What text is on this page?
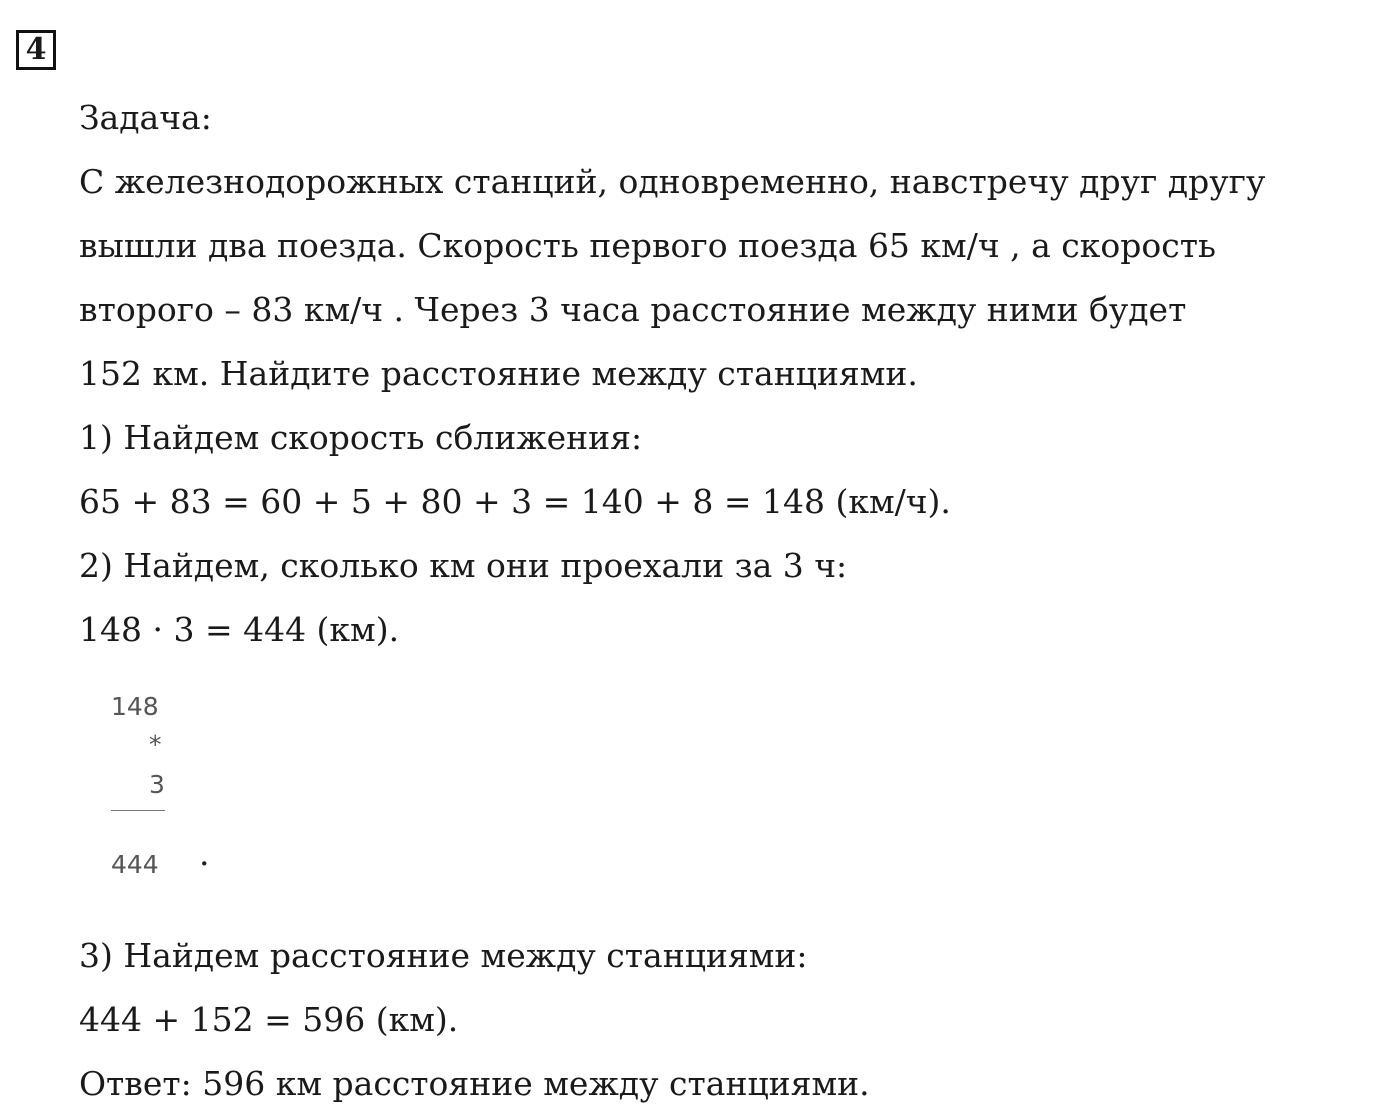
4
Задача:
С железнодорожных станций, одновременно, навстречу друг другу
вышли два поезда. Скорость первого поезда 65 км/ч , а скорость
второго – 83 км/ч . Через 3 часа расстояние между ними будет
152 км. Найдите расстояние между станциями.
1) Найдем скорость сближения:
65 + 83 = 60 + 5 + 80 + 3 = 140 + 8 = 148 (км/ч).
2) Найдем, сколько км они проехали за 3 ч:
148 · 3 = 444 (км).
148
*
3
444 .
3) Найдем расстояние между станциями:
444 + 152 = 596 (км).
Ответ: 596 км расстояние между станциями.
